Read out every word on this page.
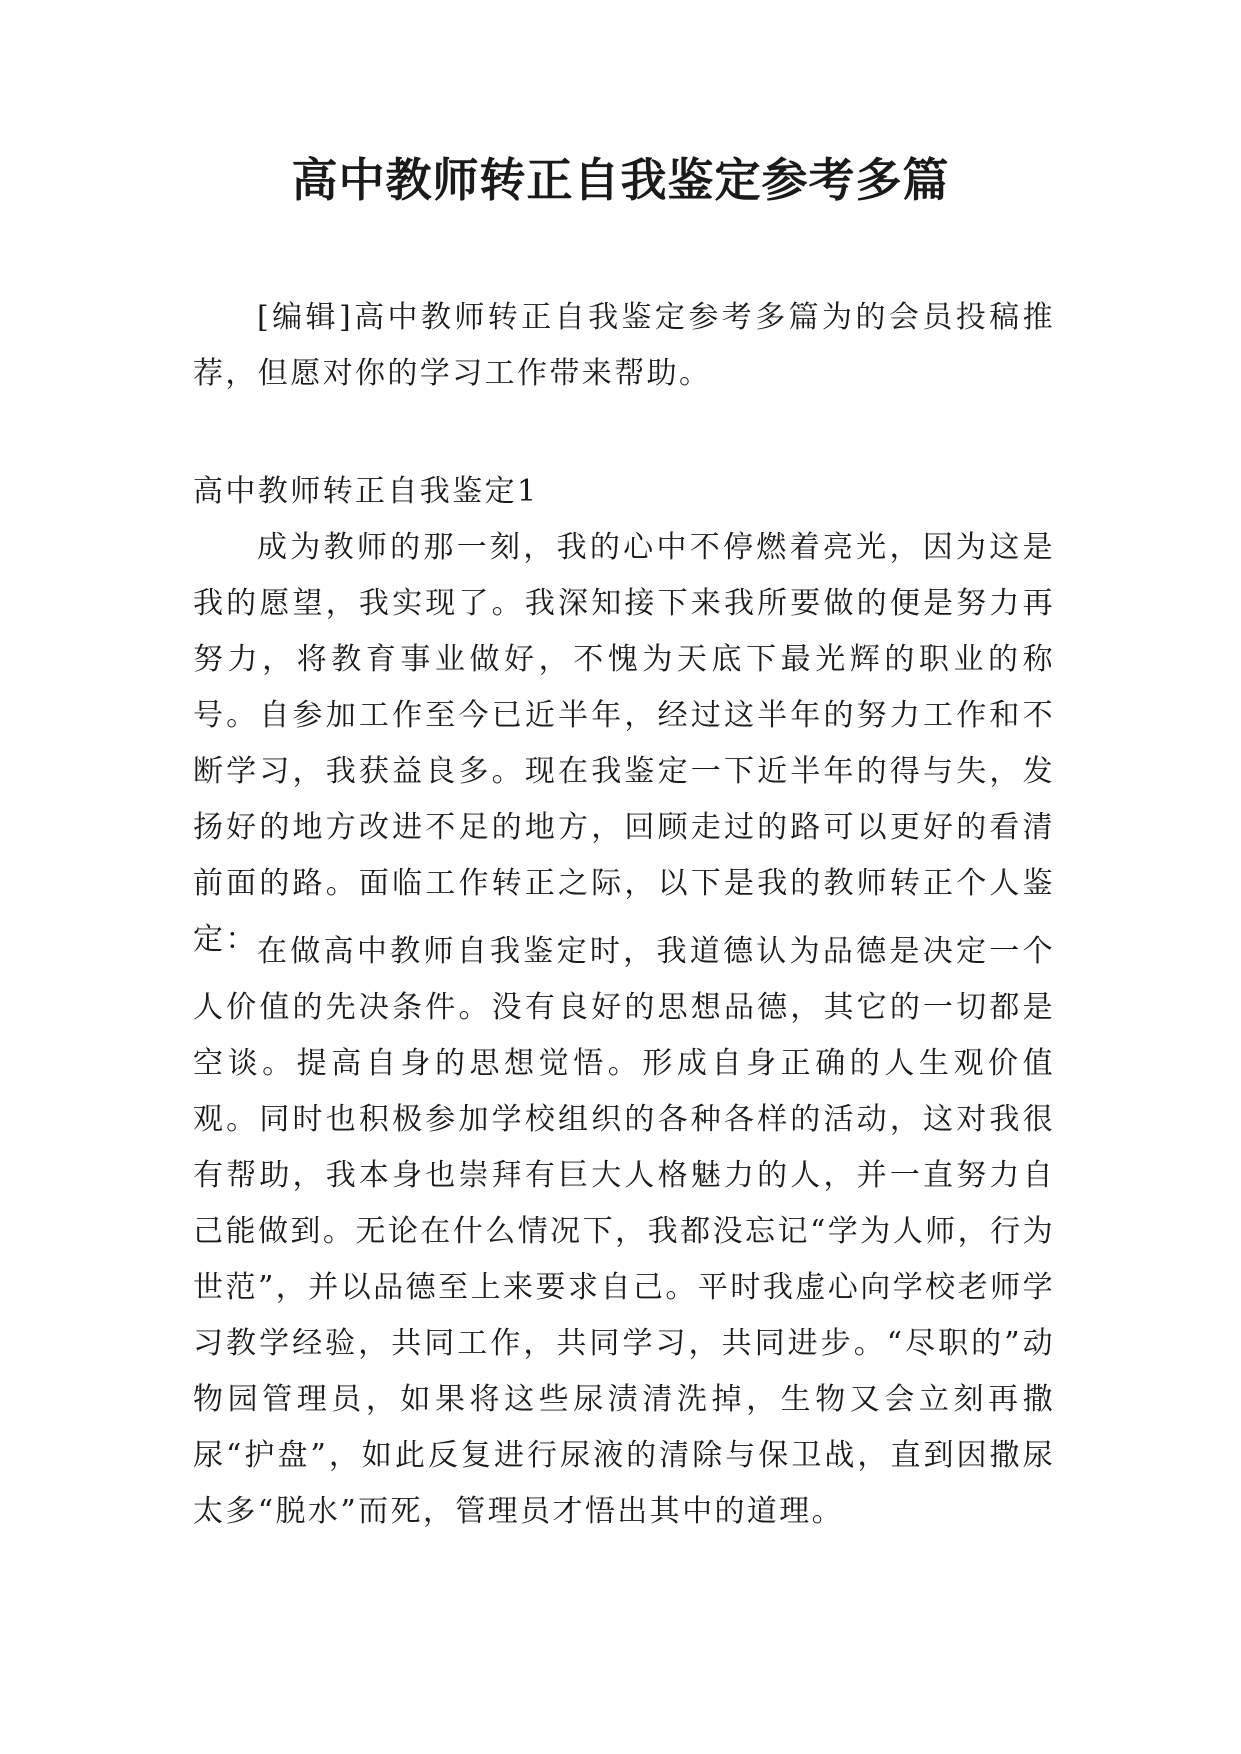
高中教师转正自我鉴定参考多篇

[编辑]高中教师转正自我鉴定参考多篇为的会员投稿推荐，但愿对你的学习工作带来帮助。

高中教师转正自我鉴定1

成为教师的那一刻，我的心中不停燃着亮光，因为这是我的愿望，我实现了。我深知接下来我所要做的便是努力再努力，将教育事业做好，不愧为天底下最光辉的职业的称号。自参加工作至今已近半年，经过这半年的努力工作和不断学习，我获益良多。现在我鉴定一下近半年的得与失，发扬好的地方改进不足的地方，回顾走过的路可以更好的看清前面的路。面临工作转正之际，以下是我的教师转正个人鉴定： 在做高中教师自我鉴定时，我道德认为品德是决定一个人价值的先决条件。没有良好的思想品德，其它的一切都是空谈。提高自身的思想觉悟。形成自身正确的人生观价值观。同时也积极参加学校组织的各种各样的活动，这对我很有帮助，我本身也崇拜有巨大人格魅力的人，并一直努力自己能做到。无论在什么情况下，我都没忘记“学为人师，行为世范”，并以品德至上来要求自己。平时我虚心向学校老师学习教学经验，共同工作，共同学习，共同进步。“尽职的”动物园管理员，如果将这些尿渍清洗掉，生物又会立刻再撒尿“护盘”，如此反复进行尿液的清除与保卫战，直到因撒尿太多“脱水”而死，管理员才悟出其中的道理。
